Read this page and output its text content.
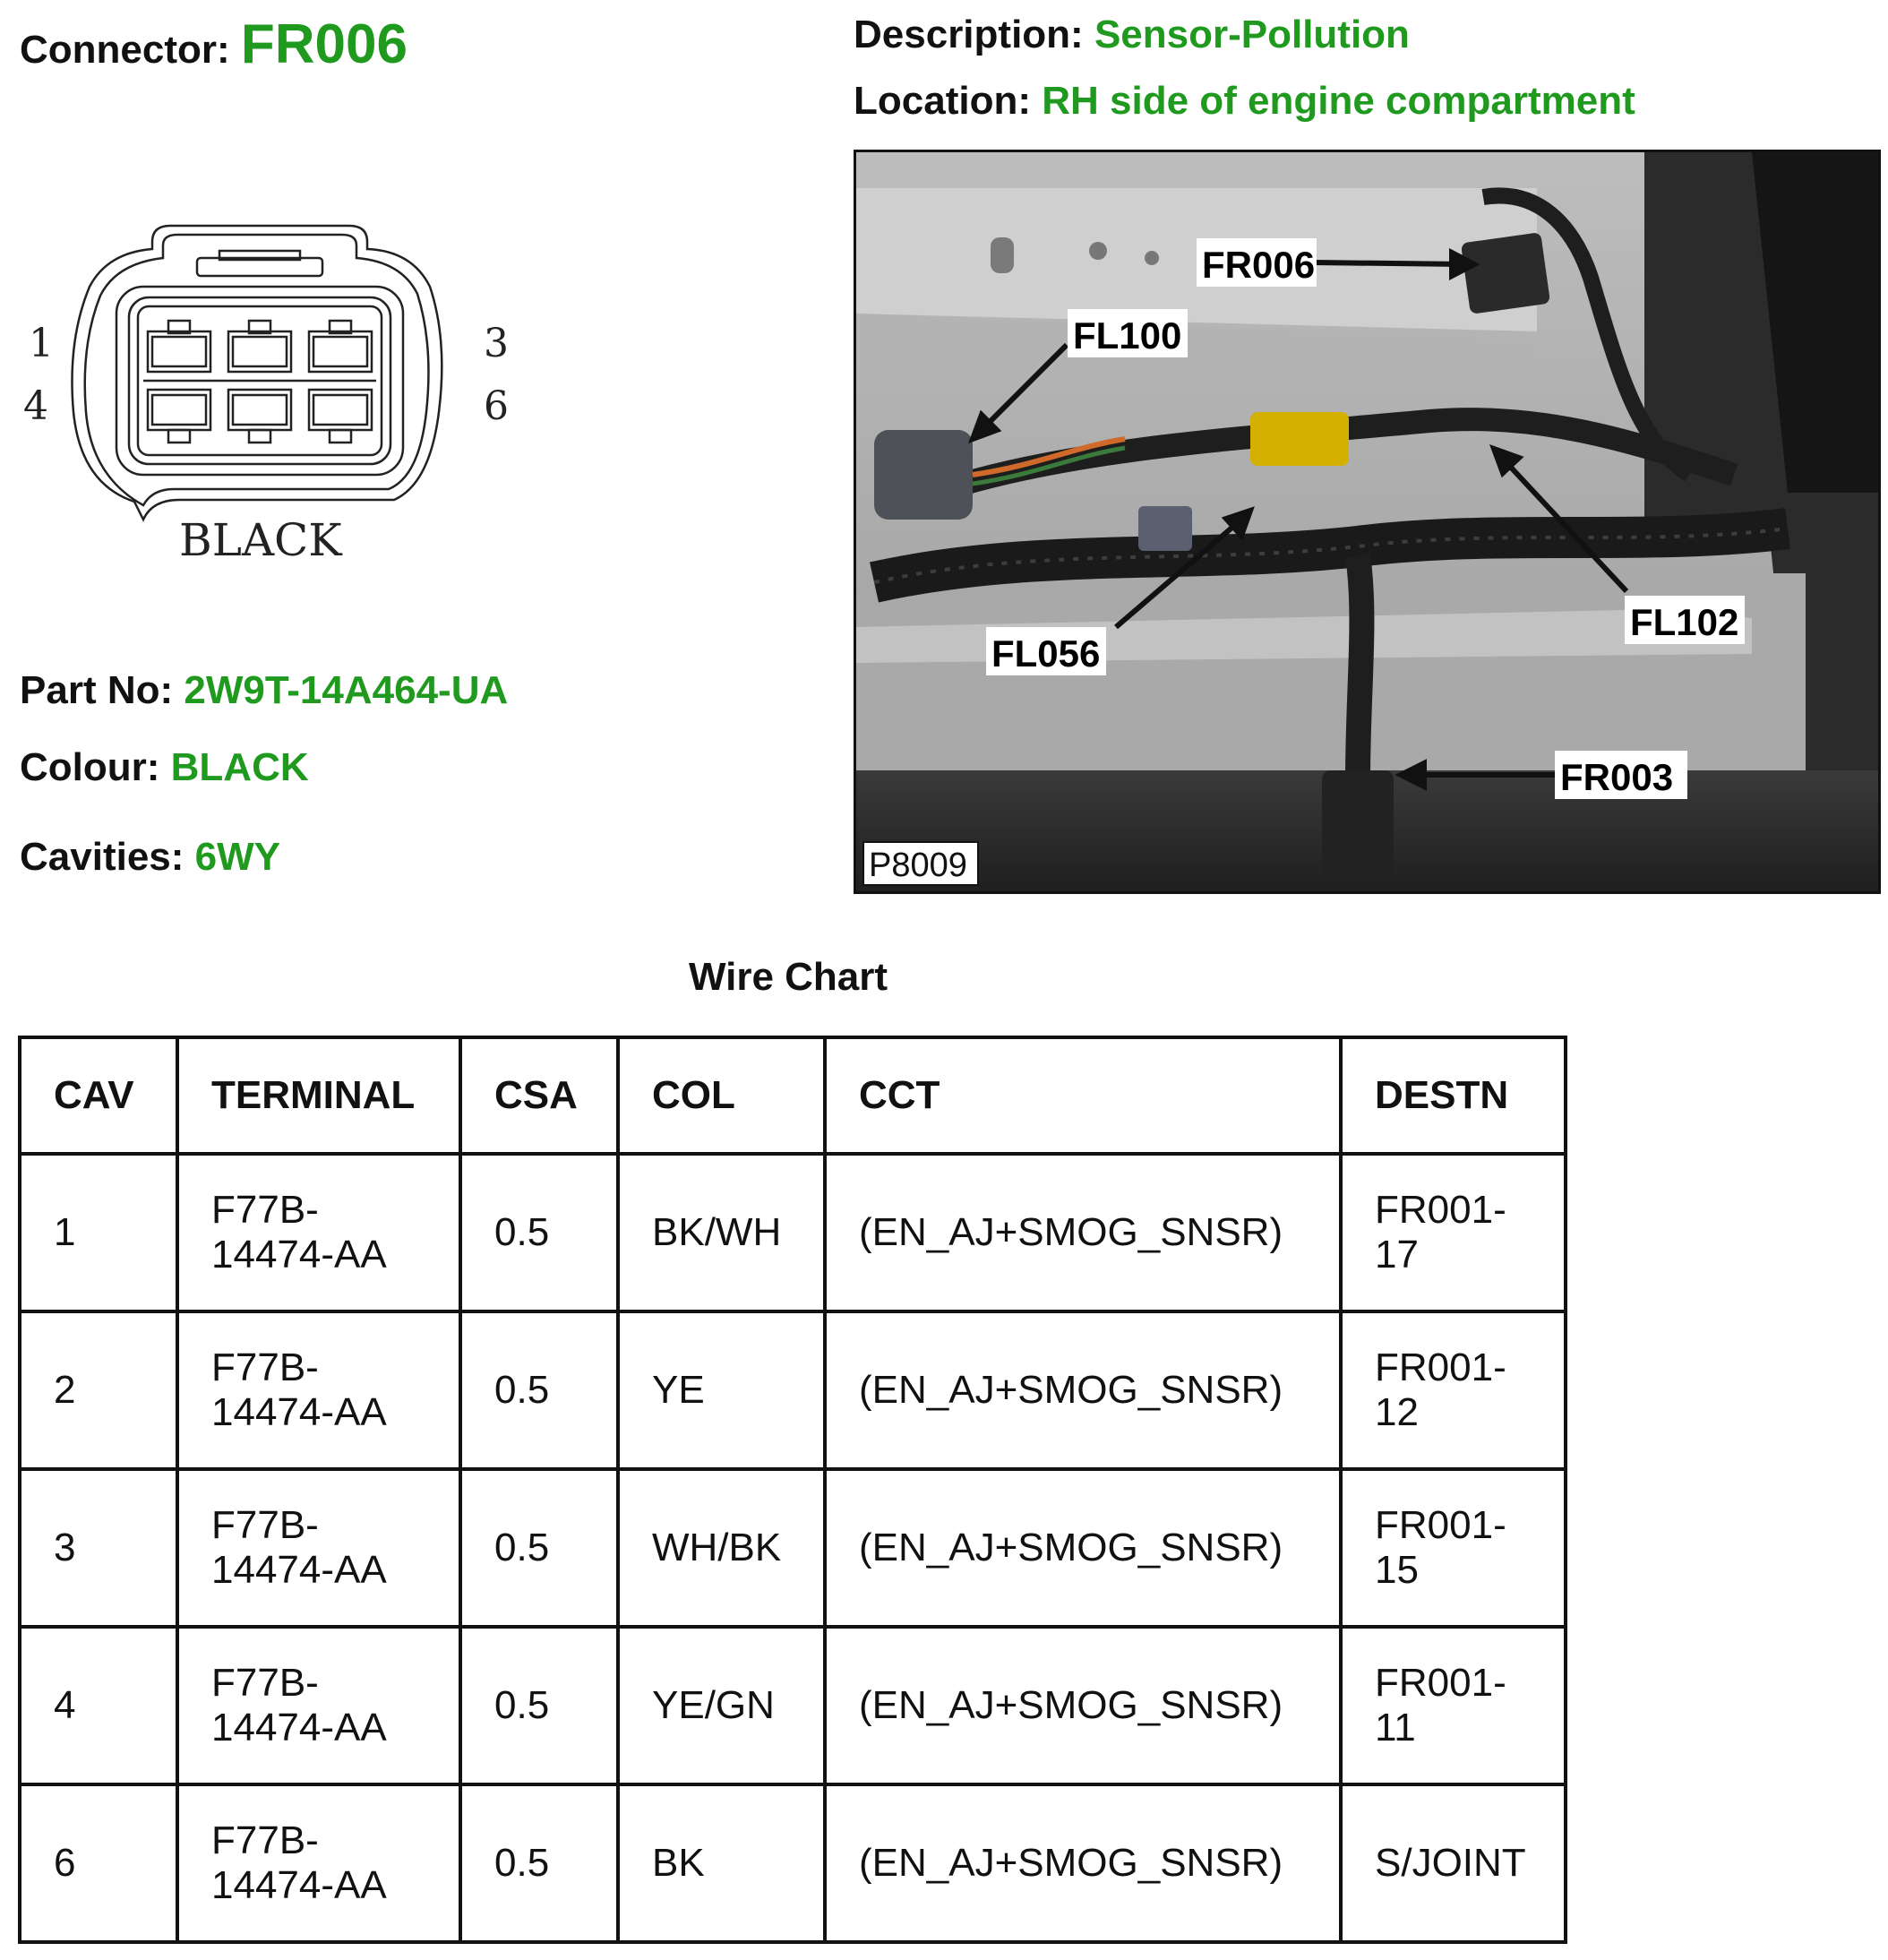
Connector: FR006	Description: Sensor-Pollution
Location: RH side of engine compartment
1
4
3
6
BLACK
Part No: 2W9T-14A464-UA
Colour: BLACK
Cavities: 6WY
FR006
FL100
FL102
FL056
FR003
P8009
Wire Chart
CAV	TERMINAL	CSA	COL	CCT	DESTN
1	F77B-14474-AA	0.5	BK/WH	(EN_AJ+SMOG_SNSR)	FR001-17
2	F77B-14474-AA	0.5	YE	(EN_AJ+SMOG_SNSR)	FR001-12
3	F77B-14474-AA	0.5	WH/BK	(EN_AJ+SMOG_SNSR)	FR001-15
4	F77B-14474-AA	0.5	YE/GN	(EN_AJ+SMOG_SNSR)	FR001-11
6	F77B-14474-AA	0.5	BK	(EN_AJ+SMOG_SNSR)	S/JOINT
